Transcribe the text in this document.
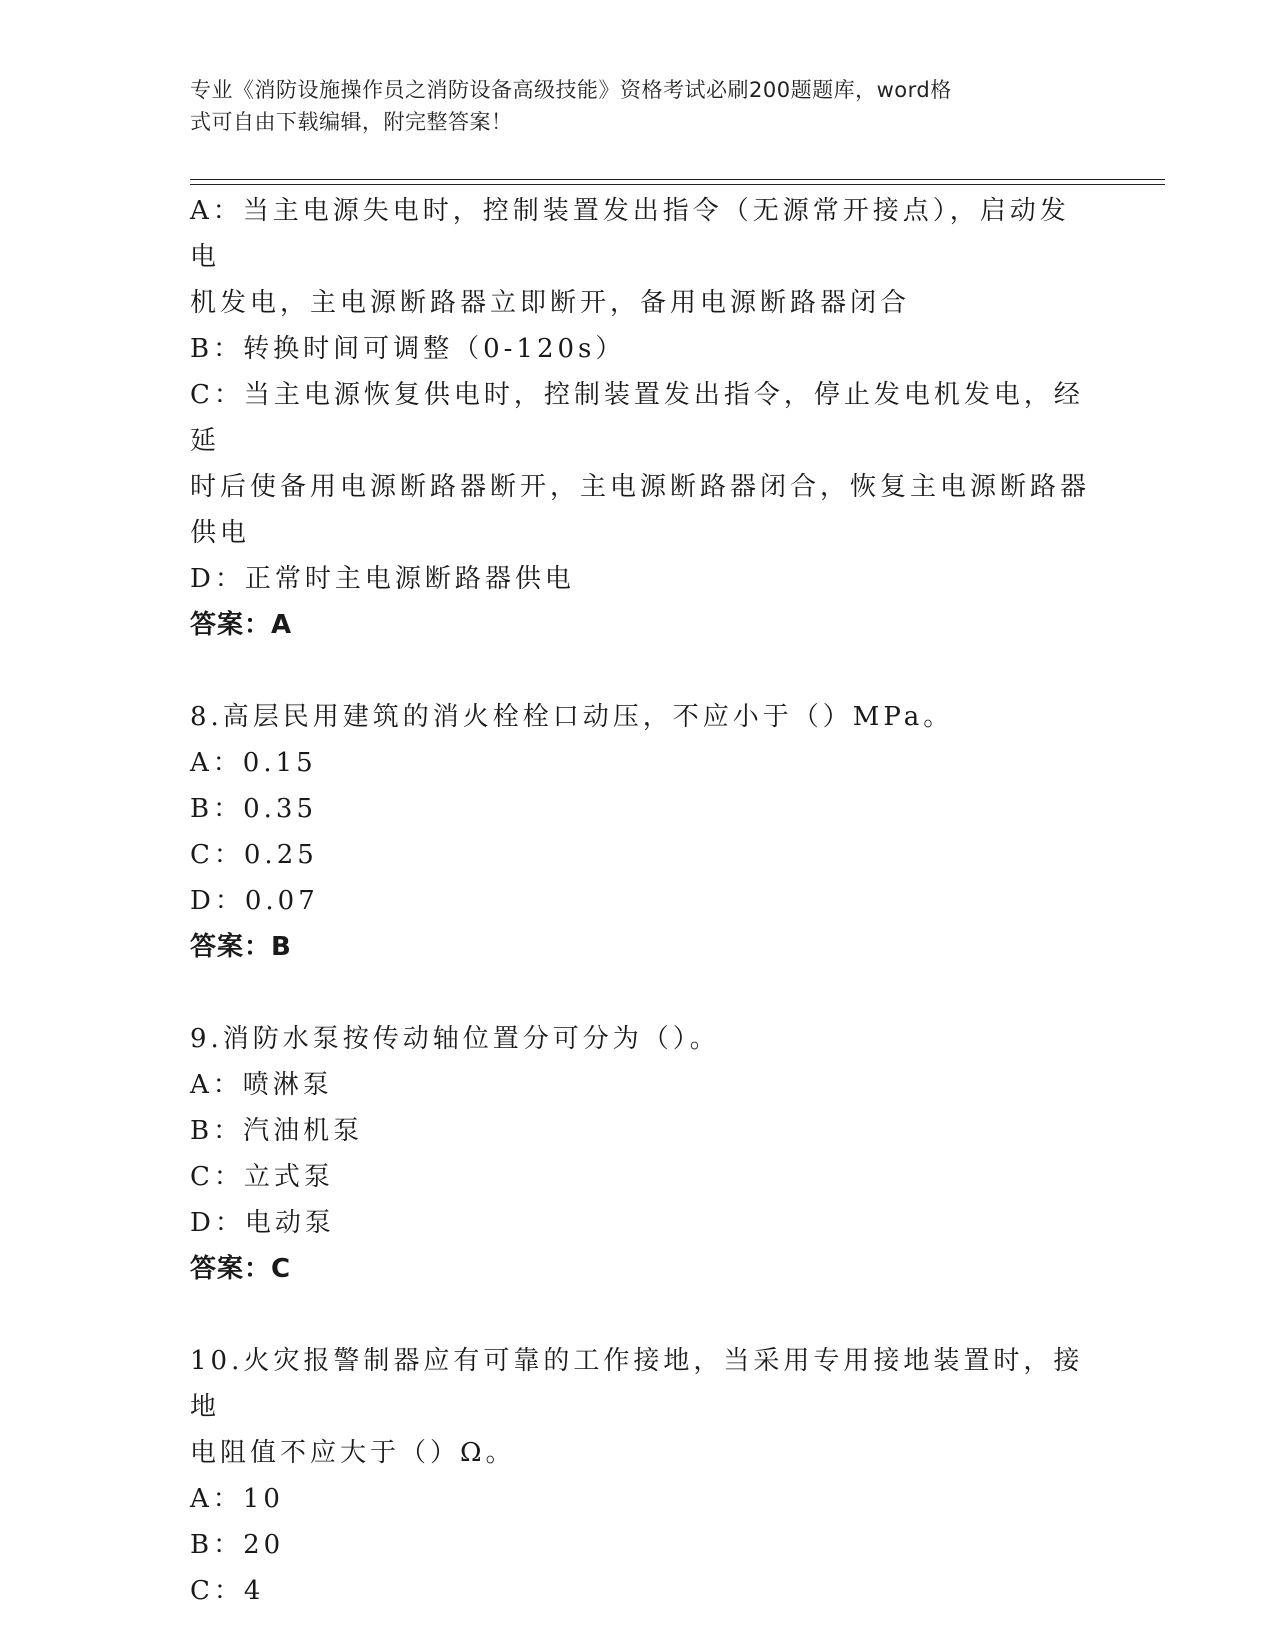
专业《消防设施操作员之消防设备高级技能》资格考试必刷200题题库，word格
式可自由下载编辑，附完整答案！
A：当主电源失电时，控制装置发出指令（无源常开接点），启动发电
机发电，主电源断路器立即断开，备用电源断路器闭合
B：转换时间可调整（0-120s）
C：当主电源恢复供电时，控制装置发出指令，停止发电机发电，经延
时后使备用电源断路器断开，主电源断路器闭合，恢复主电源断路器
供电
D：正常时主电源断路器供电
答案：A
8.高层民用建筑的消火栓栓口动压，不应小于（）MPa。
A：0.15
B：0.35
C：0.25
D：0.07
答案：B
9.消防水泵按传动轴位置分可分为（）。
A：喷淋泵
B：汽油机泵
C：立式泵
D：电动泵
答案：C
10.火灾报警制器应有可靠的工作接地，当采用专用接地装置时，接地
电阻值不应大于（）Ω。
A：10
B：20
C：4
